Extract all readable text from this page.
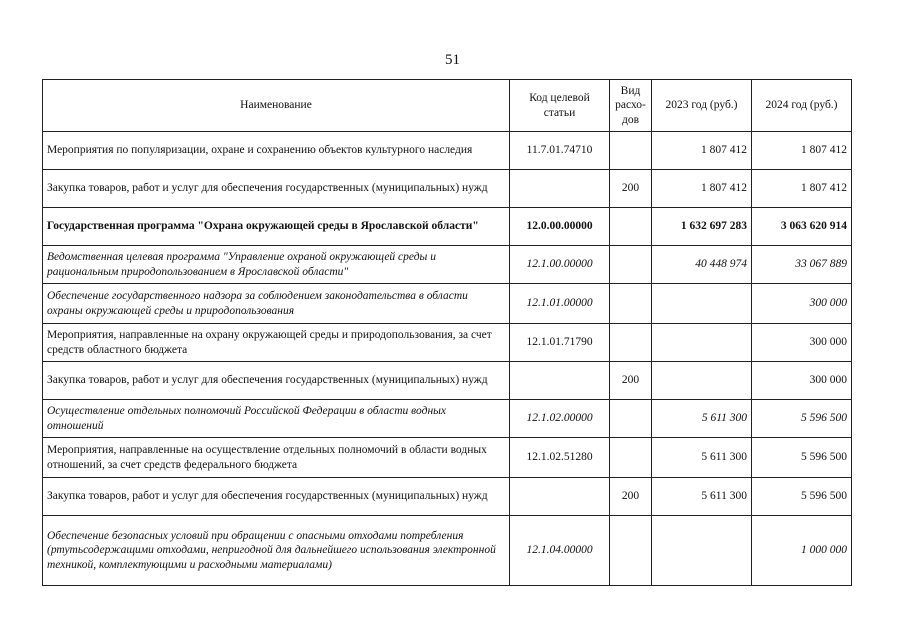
51
Наименование	Код целевой статьи	Вид расхо-дов	2023 год (руб.)	2024 год (руб.)
Мероприятия по популяризации, охране и сохранению объектов культурного наследия	11.7.01.74710		1 807 412	1 807 412
Закупка товаров, работ и услуг для обеспечения государственных (муниципальных) нужд		200	1 807 412	1 807 412
Государственная программа "Охрана окружающей среды в Ярославской области"	12.0.00.00000		1 632 697 283	3 063 620 914
Ведомственная целевая программа "Управление охраной окружающей среды и рациональным природопользованием в Ярославской области"	12.1.00.00000		40 448 974	33 067 889
Обеспечение государственного надзора за соблюдением законодательства в области охраны окружающей среды и природопользования	12.1.01.00000			300 000
Мероприятия, направленные на охрану окружающей среды и природопользования, за счет средств областного бюджета	12.1.01.71790			300 000
Закупка товаров, работ и услуг для обеспечения государственных (муниципальных) нужд		200		300 000
Осуществление отдельных полномочий Российской Федерации в области водных отношений	12.1.02.00000		5 611 300	5 596 500
Мероприятия, направленные на осуществление отдельных полномочий в области водных отношений, за счет средств федерального бюджета	12.1.02.51280		5 611 300	5 596 500
Закупка товаров, работ и услуг для обеспечения государственных (муниципальных) нужд		200	5 611 300	5 596 500
Обеспечение безопасных условий при обращении с опасными отходами потребления (ртутьсодержащими отходами, непригодной для дальнейшего использования электронной техникой, комплектующими и расходными материалами)	12.1.04.00000			1 000 000
